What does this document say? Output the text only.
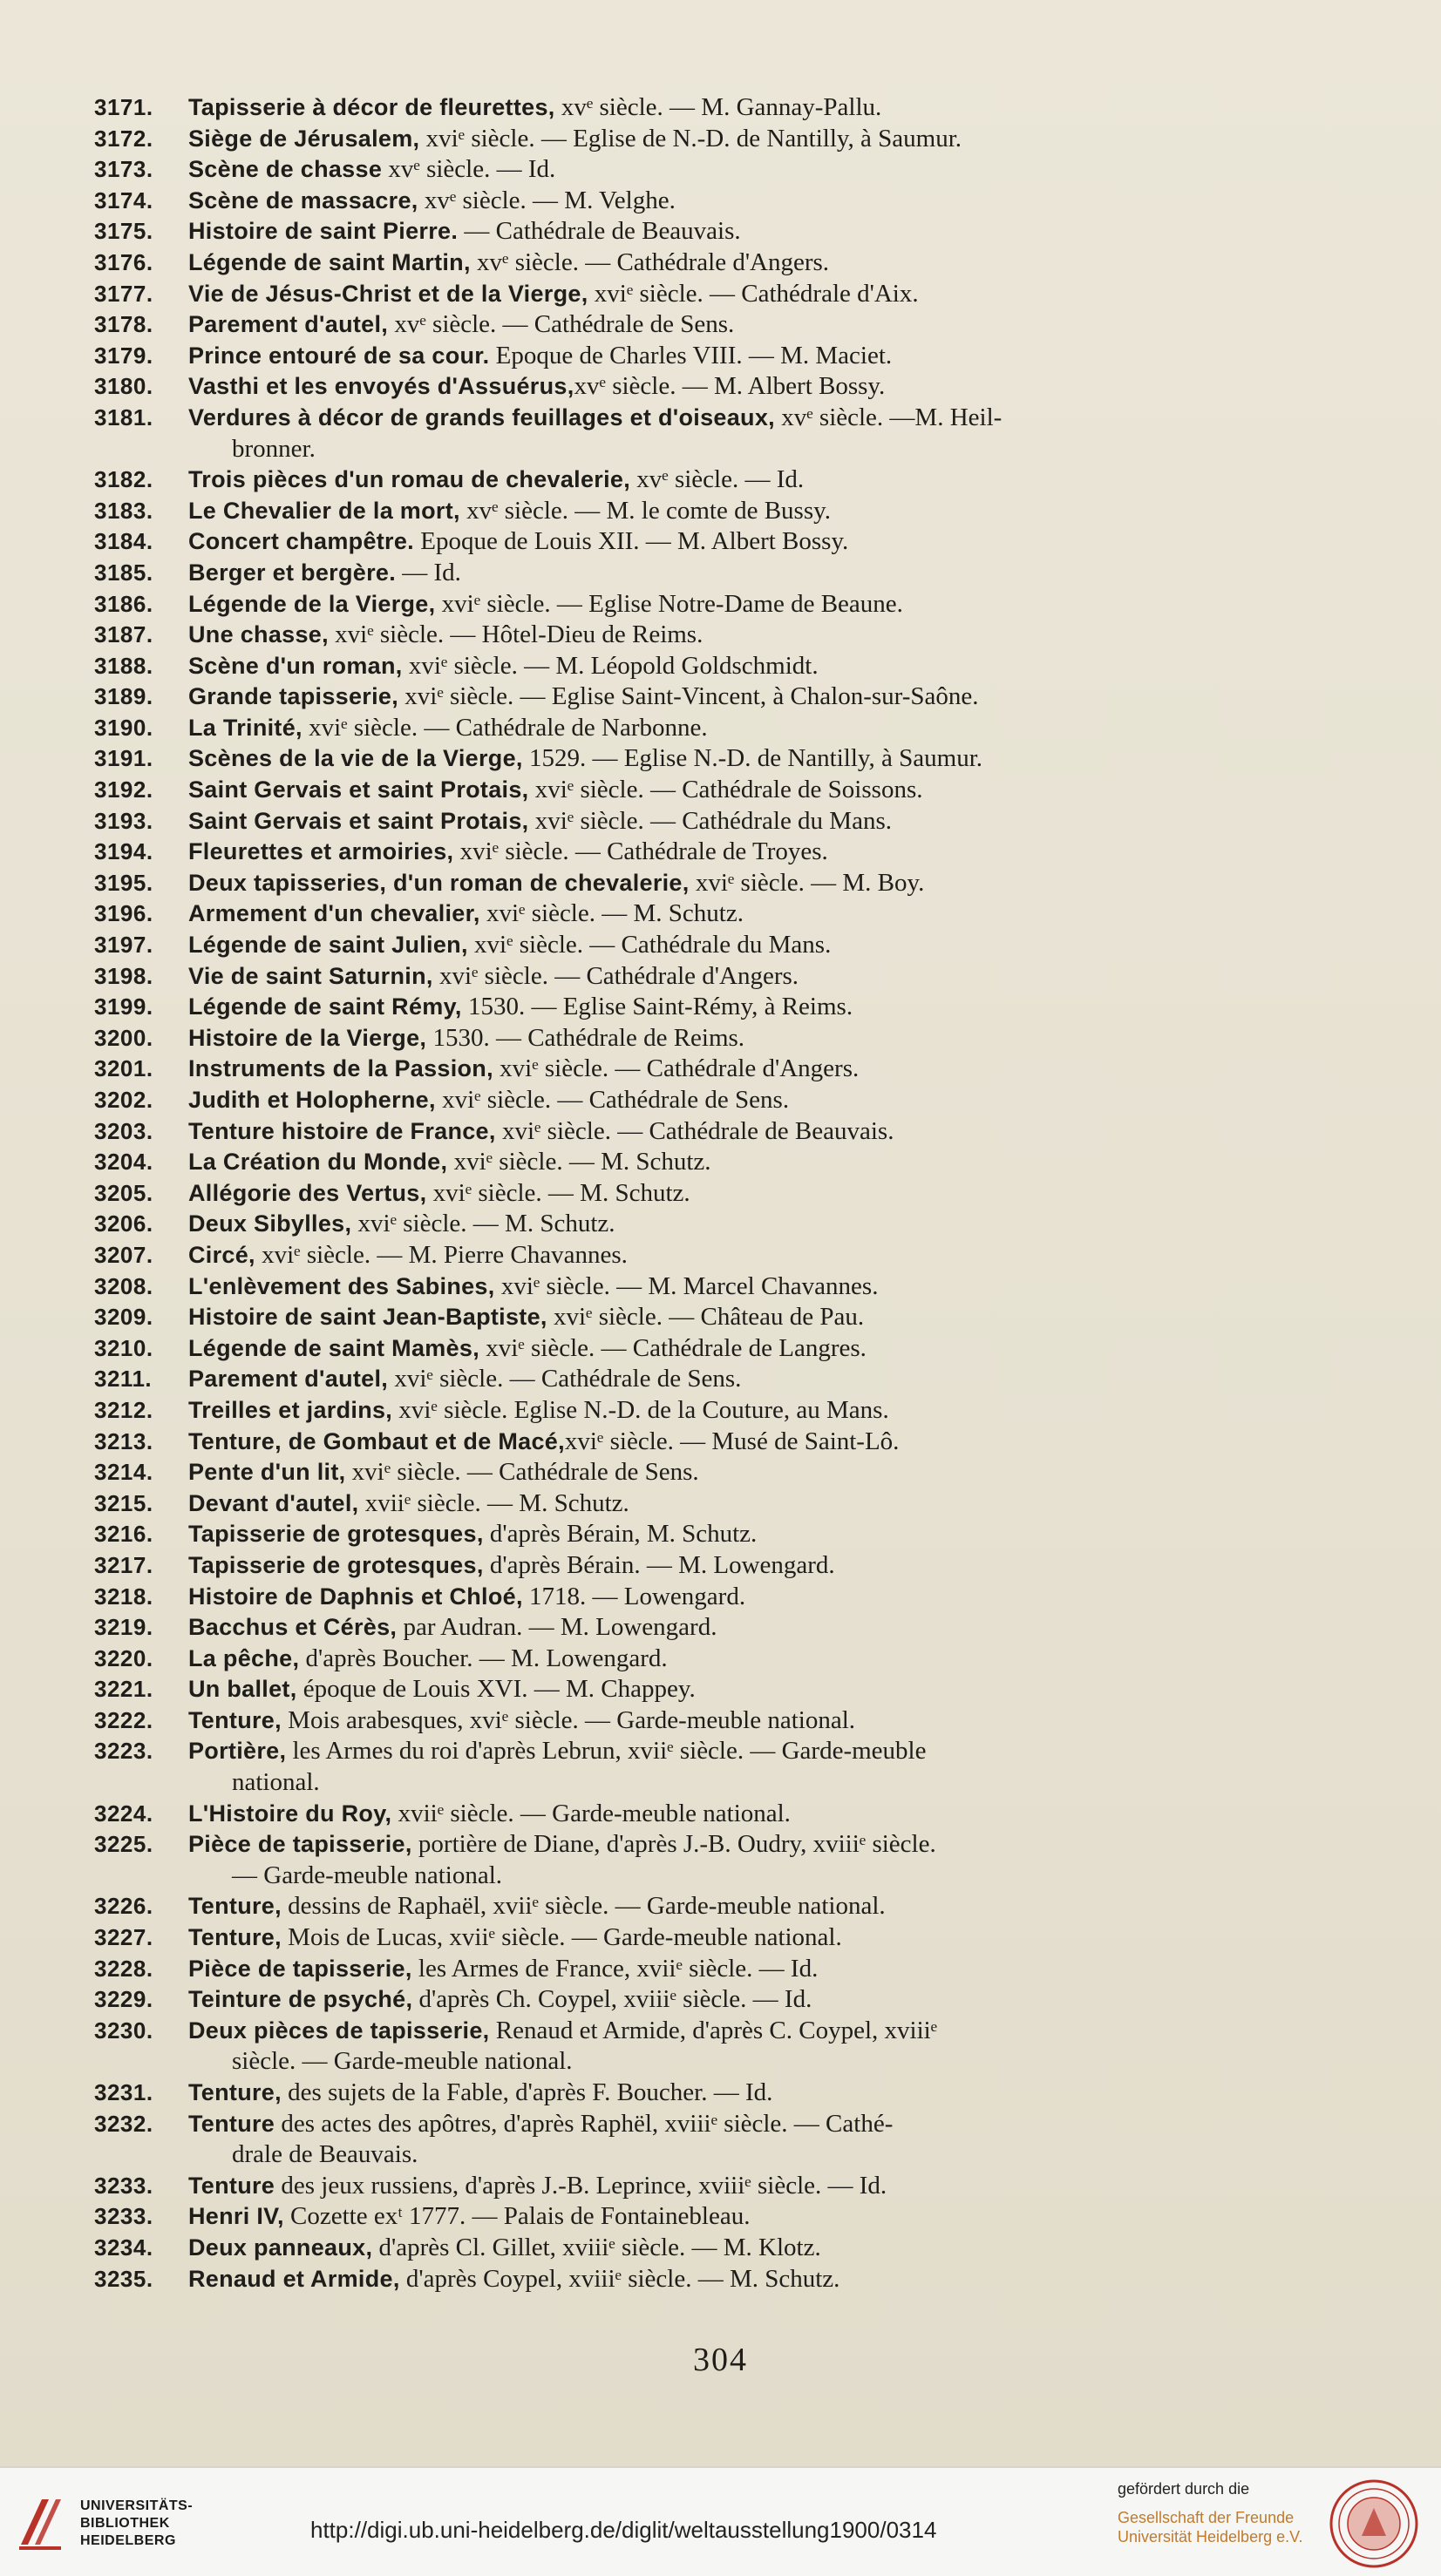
3171.	Tapisserie à décor de fleurettes, xvᵉ siècle. — M. Gannay-Pallu.
3172.	Siège de Jérusalem, xviᵉ siècle. — Eglise de N.-D. de Nantilly, à Saumur.
3173.	Scène de chasse xvᵉ siècle. — Id.
3174.	Scène de massacre, xvᵉ siècle. — M. Velghe.
3175.	Histoire de saint Pierre. — Cathédrale de Beauvais.
3176.	Légende de saint Martin, xvᵉ siècle. — Cathédrale d'Angers.
3177.	Vie de Jésus-Christ et de la Vierge, xviᵉ siècle. — Cathédrale d'Aix.
3178.	Parement d'autel, xvᵉ siècle. — Cathédrale de Sens.
3179.	Prince entouré de sa cour. Epoque de Charles VIII. — M. Maciet.
3180.	Vasthi et les envoyés d'Assuérus,xvᵉ siècle. — M. Albert Bossy.
3181.	Verdures à décor de grands feuillages et d'oiseaux, xvᵉ siècle. —M. Heil-
bronner.
3182.	Trois pièces d'un romau de chevalerie, xvᵉ siècle. — Id.
3183.	Le Chevalier de la mort, xvᵉ siècle. — M. le comte de Bussy.
3184.	Concert champêtre. Epoque de Louis XII. — M. Albert Bossy.
3185.	Berger et bergère. — Id.
3186.	Légende de la Vierge, xviᵉ siècle. — Eglise Notre-Dame de Beaune.
3187.	Une chasse, xviᵉ siècle. — Hôtel-Dieu de Reims.
3188.	Scène d'un roman, xviᵉ siècle. — M. Léopold Goldschmidt.
3189.	Grande tapisserie, xviᵉ siècle. — Eglise Saint-Vincent, à Chalon-sur-Saône.
3190.	La Trinité, xviᵉ siècle. — Cathédrale de Narbonne.
3191.	Scènes de la vie de la Vierge, 1529. — Eglise N.-D. de Nantilly, à Saumur.
3192.	Saint Gervais et saint Protais, xviᵉ siècle. — Cathédrale de Soissons.
3193.	Saint Gervais et saint Protais, xviᵉ siècle. — Cathédrale du Mans.
3194.	Fleurettes et armoiries, xviᵉ siècle. — Cathédrale de Troyes.
3195.	Deux tapisseries, d'un roman de chevalerie, xviᵉ siècle. — M. Boy.
3196.	Armement d'un chevalier, xviᵉ siècle. — M. Schutz.
3197.	Légende de saint Julien, xviᵉ siècle. — Cathédrale du Mans.
3198.	Vie de saint Saturnin, xviᵉ siècle. — Cathédrale d'Angers.
3199.	Légende de saint Rémy, 1530. — Eglise Saint-Rémy, à Reims.
3200.	Histoire de la Vierge, 1530. — Cathédrale de Reims.
3201.	Instruments de la Passion, xviᵉ siècle. — Cathédrale d'Angers.
3202.	Judith et Holopherne, xviᵉ siècle. — Cathédrale de Sens.
3203.	Tenture histoire de France, xviᵉ siècle. — Cathédrale de Beauvais.
3204.	La Création du Monde, xviᵉ siècle. — M. Schutz.
3205.	Allégorie des Vertus, xviᵉ siècle. — M. Schutz.
3206.	Deux Sibylles, xviᵉ siècle. — M. Schutz.
3207.	Circé, xviᵉ siècle. — M. Pierre Chavannes.
3208.	L'enlèvement des Sabines, xviᵉ siècle. — M. Marcel Chavannes.
3209.	Histoire de saint Jean-Baptiste, xviᵉ siècle. — Château de Pau.
3210.	Légende de saint Mamès, xviᵉ siècle. — Cathédrale de Langres.
3211.	Parement d'autel, xviᵉ siècle. — Cathédrale de Sens.
3212.	Treilles et jardins, xviᵉ siècle. Eglise N.-D. de la Couture, au Mans.
3213.	Tenture, de Gombaut et de Macé,xviᵉ siècle. — Musé de Saint-Lô.
3214.	Pente d'un lit, xviᵉ siècle. — Cathédrale de Sens.
3215.	Devant d'autel, xviiᵉ siècle. — M. Schutz.
3216.	Tapisserie de grotesques, d'après Bérain, M. Schutz.
3217.	Tapisserie de grotesques, d'après Bérain. — M. Lowengard.
3218.	Histoire de Daphnis et Chloé, 1718. — Lowengard.
3219.	Bacchus et Cérès, par Audran. — M. Lowengard.
3220.	La pêche, d'après Boucher. — M. Lowengard.
3221.	Un ballet, époque de Louis XVI. — M. Chappey.
3222.	Tenture, Mois arabesques, xviᵉ siècle. — Garde-meuble national.
3223.	Portière, les Armes du roi d'après Lebrun, xviiᵉ siècle. — Garde-meuble
national.
3224.	L'Histoire du Roy, xviiᵉ siècle. — Garde-meuble national.
3225.	Pièce de tapisserie, portière de Diane, d'après J.-B. Oudry, xviiiᵉ siècle.
— Garde-meuble national.
3226.	Tenture, dessins de Raphaël, xviiᵉ siècle. — Garde-meuble national.
3227.	Tenture, Mois de Lucas, xviiᵉ siècle. — Garde-meuble national.
3228.	Pièce de tapisserie, les Armes de France, xviiᵉ siècle. — Id.
3229.	Teinture de psyché, d'après Ch. Coypel, xviiiᵉ siècle. — Id.
3230.	Deux pièces de tapisserie, Renaud et Armide, d'après C. Coypel, xviiiᵉ
siècle. — Garde-meuble national.
3231.	Tenture, des sujets de la Fable, d'après F. Boucher. — Id.
3232.	Tenture des actes des apôtres, d'après Raphël, xviiiᵉ siècle. — Cathé-
drale de Beauvais.
3233.	Tenture des jeux russiens, d'après J.-B. Leprince, xviiiᵉ siècle. — Id.
3233.	Henri IV, Cozette exᵗ 1777. — Palais de Fontainebleau.
3234.	Deux panneaux, d'après Cl. Gillet, xviiiᵉ siècle. — M. Klotz.
3235.	Renaud et Armide, d'après Coypel, xviiiᵉ siècle. — M. Schutz.
304
UNIVERSITÄTS-
BIBLIOTHEK
HEIDELBERG	http://digi.ub.uni-heidelberg.de/diglit/weltausstellung1900/0314
gefördert durch die
Gesellschaft der Freunde
Universität Heidelberg e.V.
